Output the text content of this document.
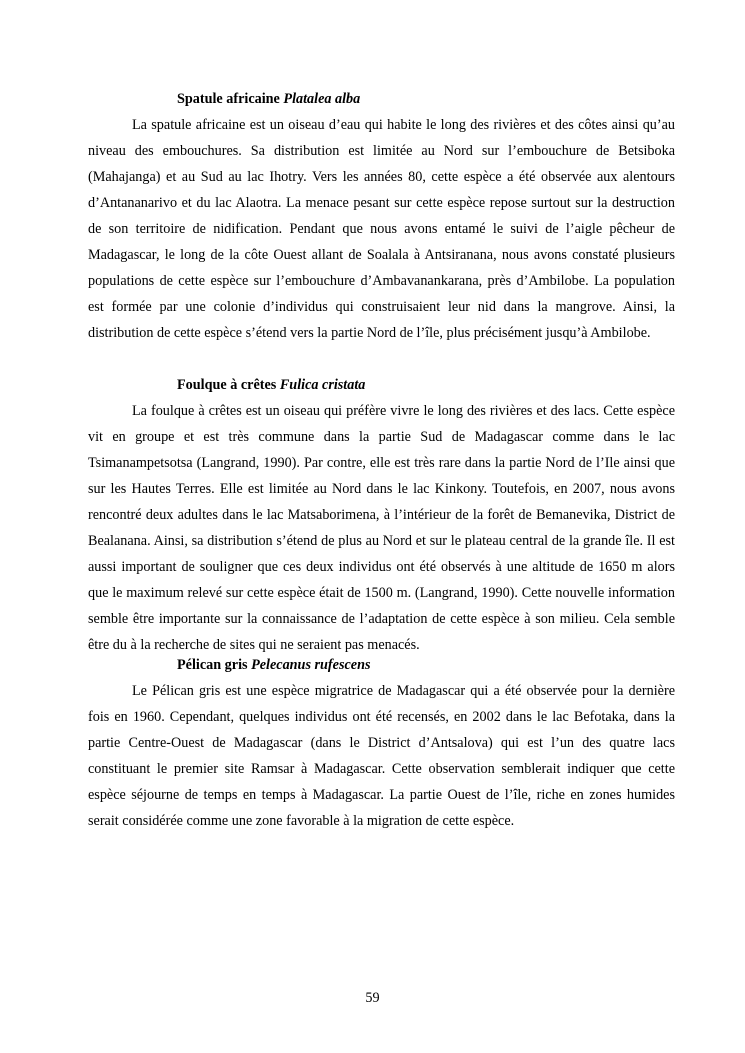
Spatule africaine Platalea alba

La spatule africaine est un oiseau d’eau qui habite le long des rivières et des côtes ainsi qu’au niveau des embouchures. Sa distribution est limitée au Nord sur l’embouchure de Betsiboka (Mahajanga) et au Sud au lac Ihotry. Vers les années 80, cette espèce a été observée aux alentours d’Antananarivo et du lac Alaotra. La menace pesant sur cette espèce repose surtout sur la destruction de son territoire de nidification. Pendant que nous avons entamé le suivi de l’aigle pêcheur de Madagascar, le long de la côte Ouest allant de Soalala à Antsiranana, nous avons constaté plusieurs populations de cette espèce sur l’embouchure d’Ambavanankarana, près d’Ambilobe. La population est formée par une colonie d’individus qui construisaient leur nid dans la mangrove. Ainsi, la distribution de cette espèce s’étend vers la partie Nord de l’île, plus précisément jusqu’à Ambilobe.

Foulque à crêtes Fulica cristata

La foulque à crêtes est un oiseau qui préfère vivre le long des rivières et des lacs. Cette espèce vit en groupe et est très commune dans la partie Sud de Madagascar comme dans le lac Tsimanampetsotsa (Langrand, 1990). Par contre, elle est très rare dans la partie Nord de l’Ile ainsi que sur les Hautes Terres. Elle est limitée au Nord dans le lac Kinkony. Toutefois, en 2007, nous avons rencontré deux adultes dans le lac Matsaborimena, à l’intérieur de la forêt de Bemanevika, District de Bealanana. Ainsi, sa distribution s’étend de plus au Nord et sur le plateau central de la grande île. Il est aussi important de souligner que ces deux individus ont été observés à une altitude de 1650 m alors que le maximum relevé sur cette espèce était de 1500 m. (Langrand, 1990). Cette nouvelle information semble être importante sur la connaissance de l’adaptation de cette espèce à son milieu. Cela semble être du à la recherche de sites qui ne seraient pas menacés.

Pélican gris Pelecanus rufescens

Le Pélican gris est une espèce migratrice de Madagascar qui a été observée pour la dernière fois en 1960. Cependant, quelques individus ont été recensés, en 2002 dans le lac Befotaka, dans la partie Centre-Ouest de Madagascar (dans le District d’Antsalova) qui est l’un des quatre lacs constituant le premier site Ramsar à Madagascar. Cette observation semblerait indiquer que cette espèce séjourne de temps en temps à Madagascar. La partie Ouest de l’île, riche en zones humides serait considérée comme une zone favorable à la migration de cette espèce.

59
